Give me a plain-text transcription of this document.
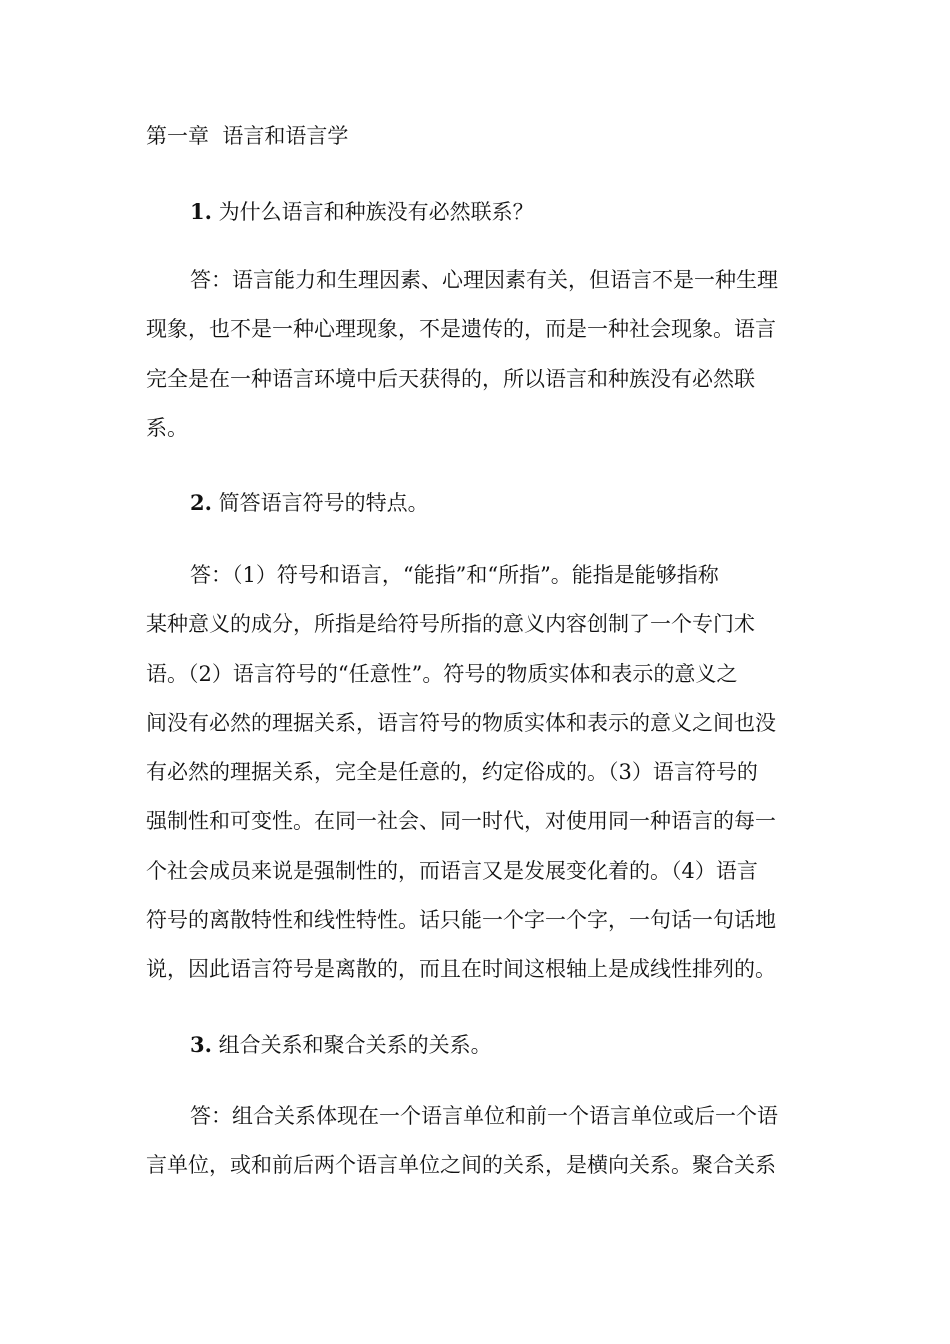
第一章  语言和语言学
1. 为什么语言和种族没有必然联系？
答：语言能力和生理因素、心理因素有关，但语言不是一种生理
现象，也不是一种心理现象，不是遗传的，而是一种社会现象。语言
完全是在一种语言环境中后天获得的，所以语言和种族没有必然联
系。
2. 简答语言符号的特点。
答：（1）符号和语言，“能指”和“所指”。能指是能够指称
某种意义的成分，所指是给符号所指的意义内容创制了一个专门术
语。（2）语言符号的“任意性”。符号的物质实体和表示的意义之
间没有必然的理据关系，语言符号的物质实体和表示的意义之间也没
有必然的理据关系，完全是任意的，约定俗成的。（3）语言符号的
强制性和可变性。在同一社会、同一时代，对使用同一种语言的每一
个社会成员来说是强制性的，而语言又是发展变化着的。（4）语言
符号的离散特性和线性特性。话只能一个字一个字，一句话一句话地
说，因此语言符号是离散的，而且在时间这根轴上是成线性排列的。
3. 组合关系和聚合关系的关系。
答：组合关系体现在一个语言单位和前一个语言单位或后一个语
言单位，或和前后两个语言单位之间的关系，是横向关系。聚合关系
